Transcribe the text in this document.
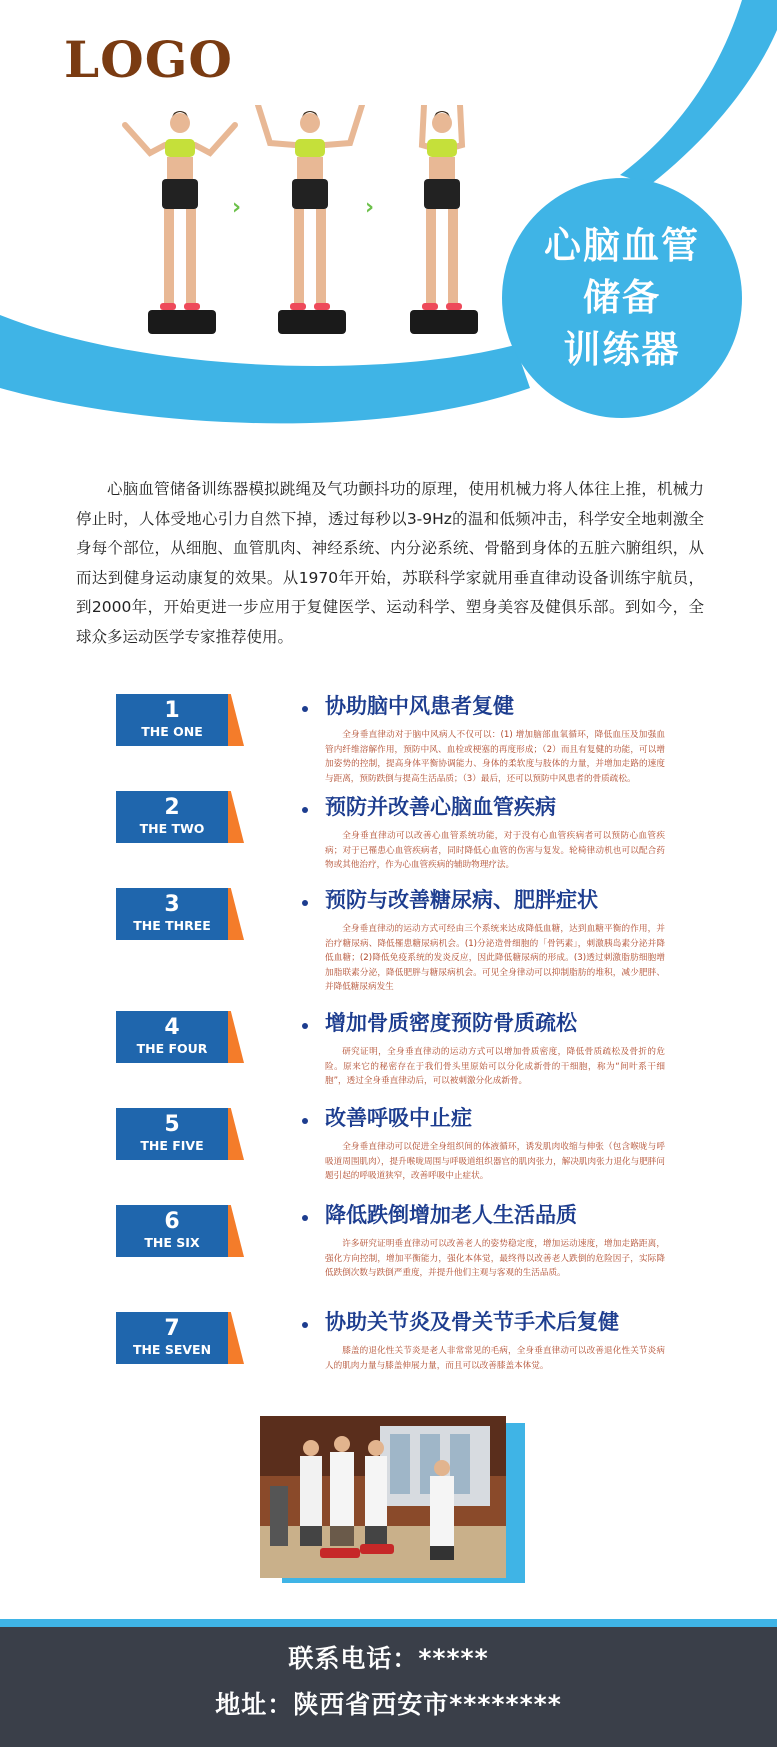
LOGO
›	›
心脑血管
储备
训练器

心脑血管储备训练器模拟跳绳及气功颤抖功的原理，使用机械力将人体往上推，机械力停止时，人体受地心引力自然下掉，透过每秒以3-9Hz的温和低频冲击，科学安全地刺激全身每个部位，从细胞、血管肌肉、神经系统、内分泌系统、骨骼到身体的五脏六腑组织，从而达到健身运动康复的效果。从1970年开始，苏联科学家就用垂直律动设备训练宇航员，到2000年，开始更进一步应用于复健医学、运动科学、塑身美容及健俱乐部。到如今，全球众多运动医学专家推荐使用。

1
THE ONE
协助脑中风患者复健

全身垂直律动对于脑中风病人不仅可以：(1) 增加脑部血氧循环，降低血压及加强血管内纤维溶解作用，预防中风、血栓或梗塞的再度形成；（2）而且有复健的功能，可以增加姿势的控制，提高身体平衡协调能力、身体的柔软度与肢体的力量，并增加走路的速度与距离，预防跌倒与提高生活品质；（3）最后，还可以预防中风患者的骨质疏松。

2
THE TWO
预防并改善心脑血管疾病

全身垂直律动可以改善心血管系统功能，对于没有心血管疾病者可以预防心血管疾病；对于已罹患心血管疾病者，同时降低心血管的伤害与复发。轮椅律动机也可以配合药物或其他治疗，作为心血管疾病的辅助物理疗法。

3
THE THREE
预防与改善糖尿病、肥胖症状

全身垂直律动的运动方式可经由三个系统来达成降低血糖，达到血糖平衡的作用，并治疗糖尿病、降低罹患糖尿病机会。(1)分泌造骨细胞的「骨钙素」，刺激胰岛素分泌并降低血糖；(2)降低免疫系统的发炎反应，因此降低糖尿病的形成。(3)透过刺激脂肪细胞增加脂联素分泌，降低肥胖与糖尿病机会。可见全身律动可以抑制脂肪的堆积，减少肥胖、并降低糖尿病发生

4
THE FOUR
增加骨质密度预防骨质疏松

研究证明，全身垂直律动的运动方式可以增加骨质密度，降低骨质疏松及骨折的危险。原来它的秘密存在于我们骨头里原始可以分化成新骨的干细胞，称为“间叶系干细胞”，透过全身垂直律动后，可以被刺激分化成新骨。

5
THE FIVE
改善呼吸中止症

全身垂直律动可以促进全身组织间的体液循环，诱发肌肉收缩与伸张（包含喉咙与呼吸道周围肌肉），提升喉咙周围与呼吸道组织器官的肌肉张力，解决肌肉张力退化与肥胖问题引起的呼吸道狭窄，改善呼吸中止症状。

6
THE SIX
降低跌倒增加老人生活品质

许多研究证明垂直律动可以改善老人的姿势稳定度，增加运动速度，增加走路距离，强化方向控制，增加平衡能力，强化本体觉，最终得以改善老人跌倒的危险因子，实际降低跌倒次数与跌倒严重度，并提升他们主观与客观的生活品质。

7
THE SEVEN
协助关节炎及骨关节手术后复健

膝盖的退化性关节炎是老人非常常见的毛病，全身垂直律动可以改善退化性关节炎病人的肌肉力量与膝盖伸展力量，而且可以改善膝盖本体觉。

联系电话：*****
地址：陕西省西安市********
